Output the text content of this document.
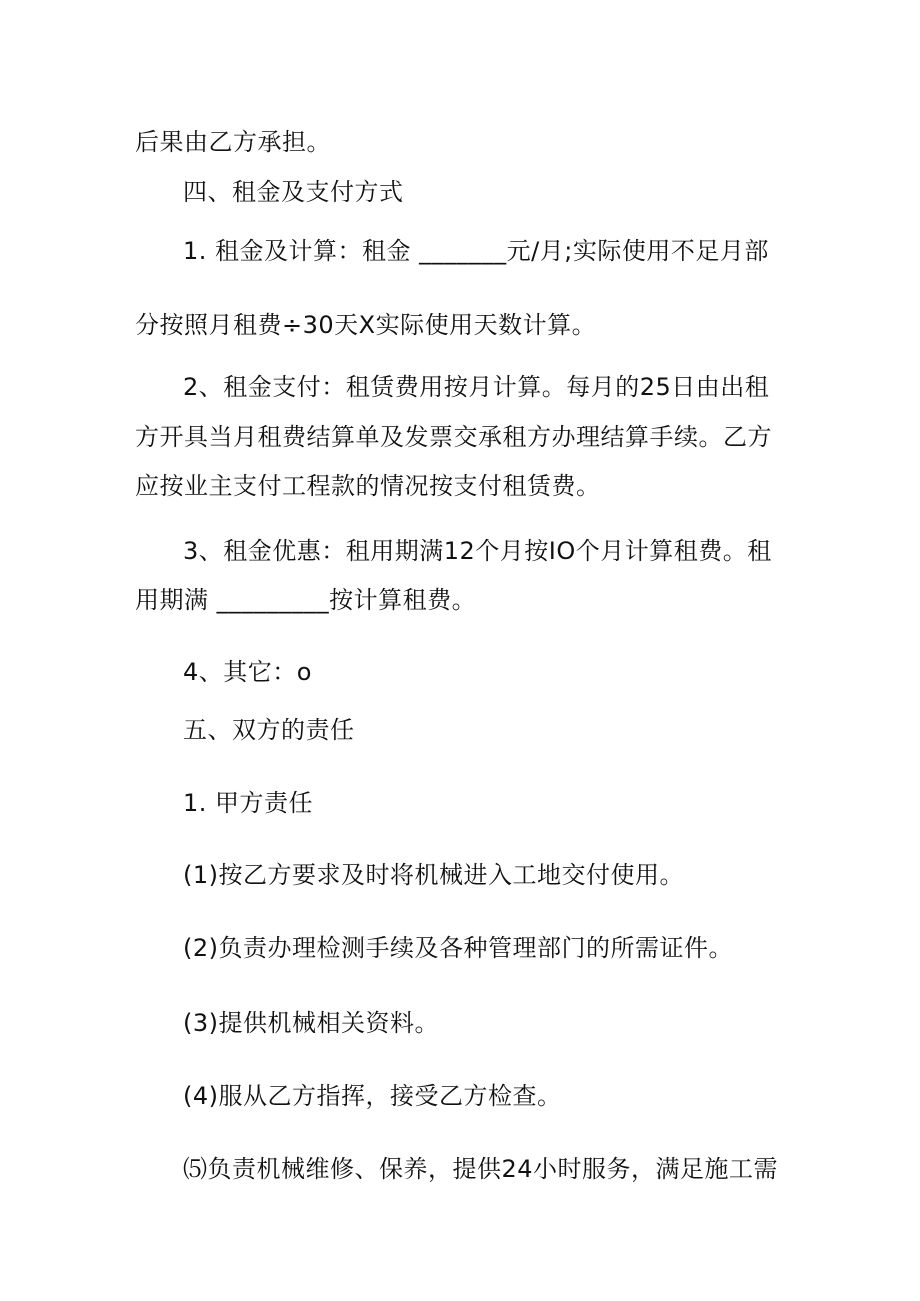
后果由乙方承担。
四、租金及支付方式
1. 租金及计算：租金 _______元/月;实际使用不足月部
分按照月租费÷30天X实际使用天数计算。
2、租金支付：租赁费用按月计算。每月的25日由出租
方开具当月租费结算单及发票交承租方办理结算手续。乙方
应按业主支付工程款的情况按支付租赁费。
3、租金优惠：租用期满12个月按IO个月计算租费。租
用期满 _________按计算租费。
4、其它：o
五、双方的责任
1. 甲方责任
(1)按乙方要求及时将机械进入工地交付使用。
(2)负责办理检测手续及各种管理部门的所需证件。
(3)提供机械相关资料。
(4)服从乙方指挥，接受乙方检查。
⑸负责机械维修、保养，提供24小时服务，满足施工需
